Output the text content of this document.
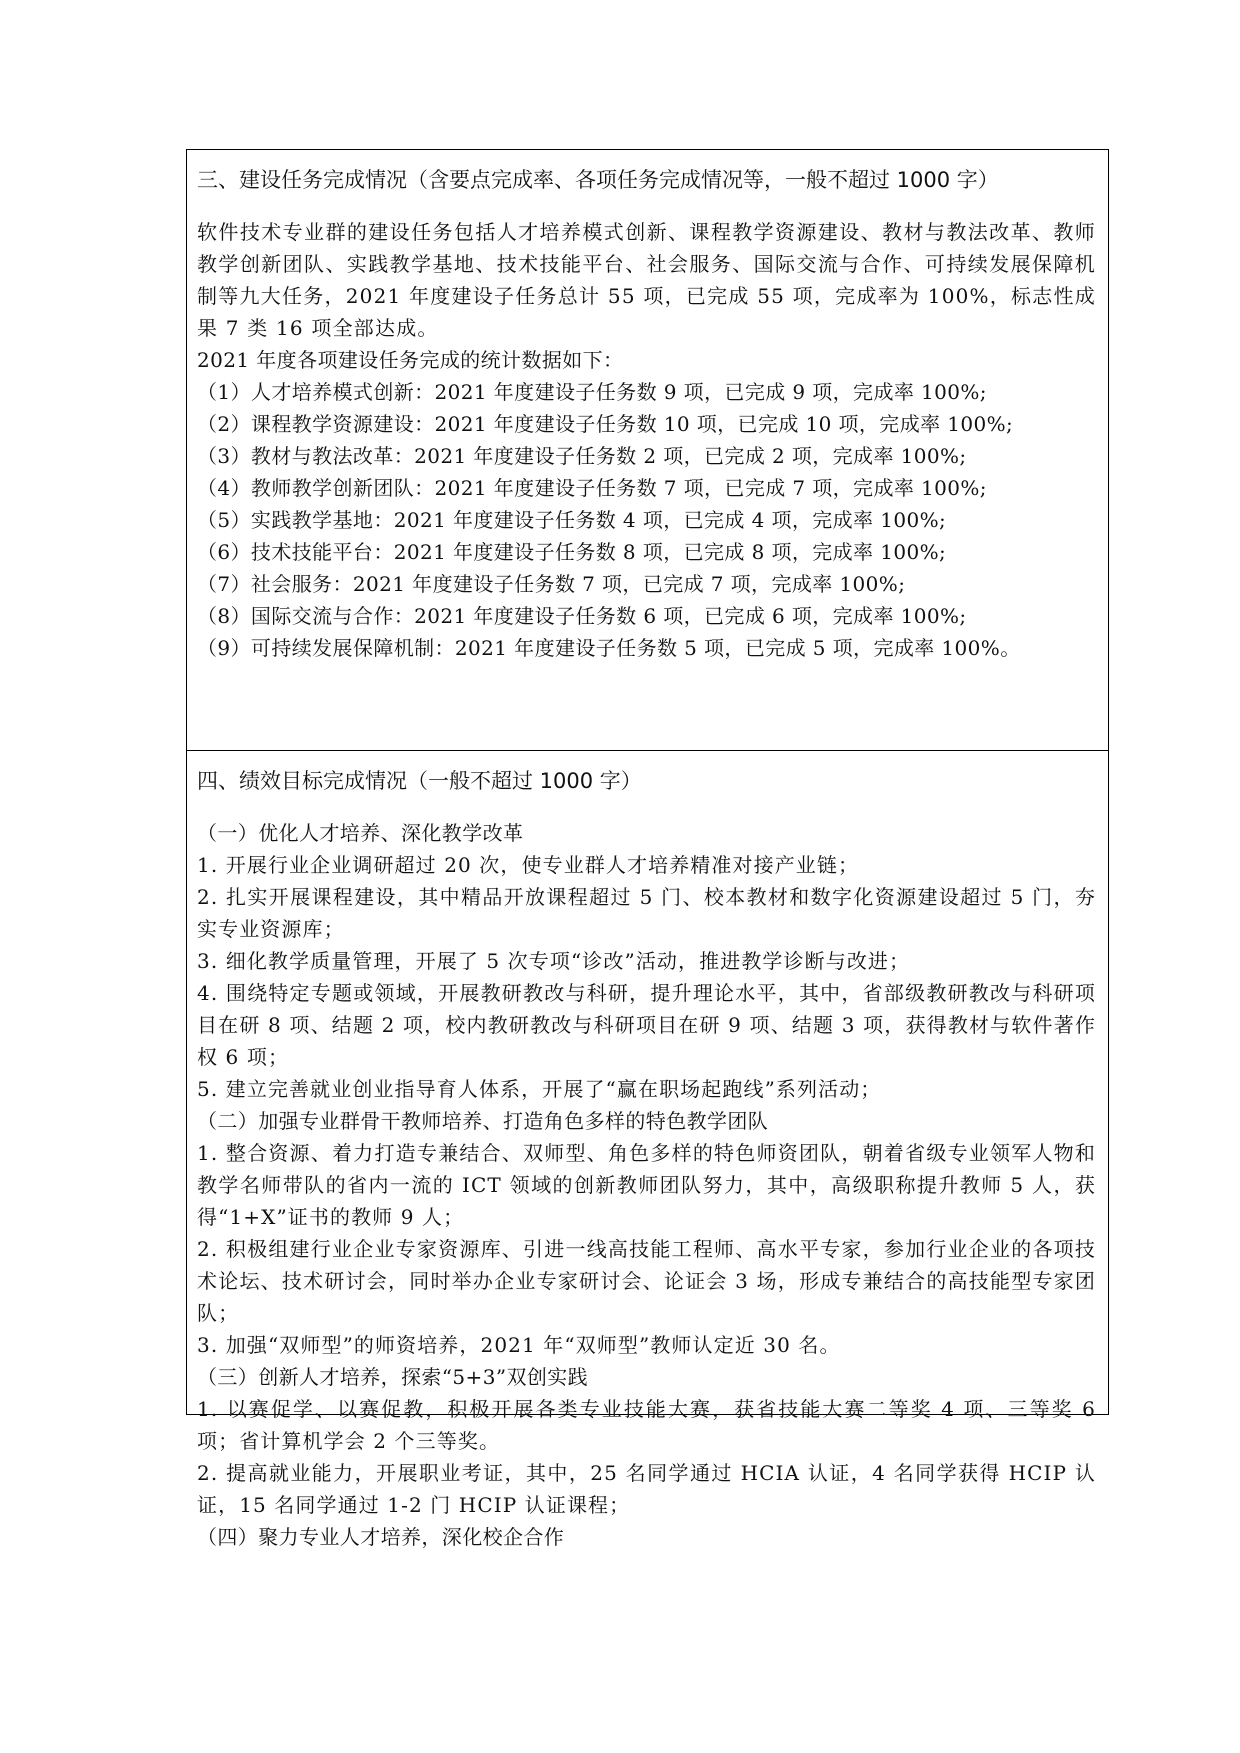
三、建设任务完成情况（含要点完成率、各项任务完成情况等，一般不超过 1000 字）

软件技术专业群的建设任务包括人才培养模式创新、课程教学资源建设、教材与教法改革、教师教学创新团队、实践教学基地、技术技能平台、社会服务、国际交流与合作、可持续发展保障机制等九大任务，2021 年度建设子任务总计 55 项，已完成 55 项，完成率为 100%，标志性成果 7 类 16 项全部达成。

2021 年度各项建设任务完成的统计数据如下：

（1）人才培养模式创新：2021 年度建设子任务数 9 项，已完成 9 项，完成率 100%;

（2）课程教学资源建设：2021 年度建设子任务数 10 项，已完成 10 项，完成率 100%;

（3）教材与教法改革：2021 年度建设子任务数 2 项，已完成 2 项，完成率 100%;

（4）教师教学创新团队：2021 年度建设子任务数 7 项，已完成 7 项，完成率 100%;

（5）实践教学基地：2021 年度建设子任务数 4 项，已完成 4 项，完成率 100%;

（6）技术技能平台：2021 年度建设子任务数 8 项，已完成 8 项，完成率 100%;

（7）社会服务：2021 年度建设子任务数 7 项，已完成 7 项，完成率 100%;

（8）国际交流与合作：2021 年度建设子任务数 6 项，已完成 6 项，完成率 100%;

（9）可持续发展保障机制：2021 年度建设子任务数 5 项，已完成 5 项，完成率 100%。

四、绩效目标完成情况（一般不超过 1000 字）

（一）优化人才培养、深化教学改革

1. 开展行业企业调研超过 20 次，使专业群人才培养精准对接产业链；

2. 扎实开展课程建设，其中精品开放课程超过 5 门、校本教材和数字化资源建设超过 5 门，夯实专业资源库；

3. 细化教学质量管理，开展了 5 次专项“诊改”活动，推进教学诊断与改进；

4. 围绕特定专题或领域，开展教研教改与科研，提升理论水平，其中，省部级教研教改与科研项目在研 8 项、结题 2 项，校内教研教改与科研项目在研 9 项、结题 3 项，获得教材与软件著作权 6 项；

5. 建立完善就业创业指导育人体系，开展了“赢在职场起跑线”系列活动；

（二）加强专业群骨干教师培养、打造角色多样的特色教学团队

1. 整合资源、着力打造专兼结合、双师型、角色多样的特色师资团队，朝着省级专业领军人物和教学名师带队的省内一流的 ICT 领域的创新教师团队努力，其中，高级职称提升教师 5 人，获得“1+X”证书的教师 9 人；

2. 积极组建行业企业专家资源库、引进一线高技能工程师、高水平专家，参加行业企业的各项技术论坛、技术研讨会，同时举办企业专家研讨会、论证会 3 场，形成专兼结合的高技能型专家团队；

3. 加强“双师型”的师资培养，2021 年“双师型”教师认定近 30 名。

（三）创新人才培养，探索“5+3”双创实践

1. 以赛促学、以赛促教，积极开展各类专业技能大赛，获省技能大赛二等奖 4 项、三等奖 6 项；省计算机学会 2 个三等奖。

2. 提高就业能力，开展职业考证，其中，25 名同学通过 HCIA 认证，4 名同学获得 HCIP 认证，15 名同学通过 1-2 门 HCIP 认证课程；

（四）聚力专业人才培养，深化校企合作
